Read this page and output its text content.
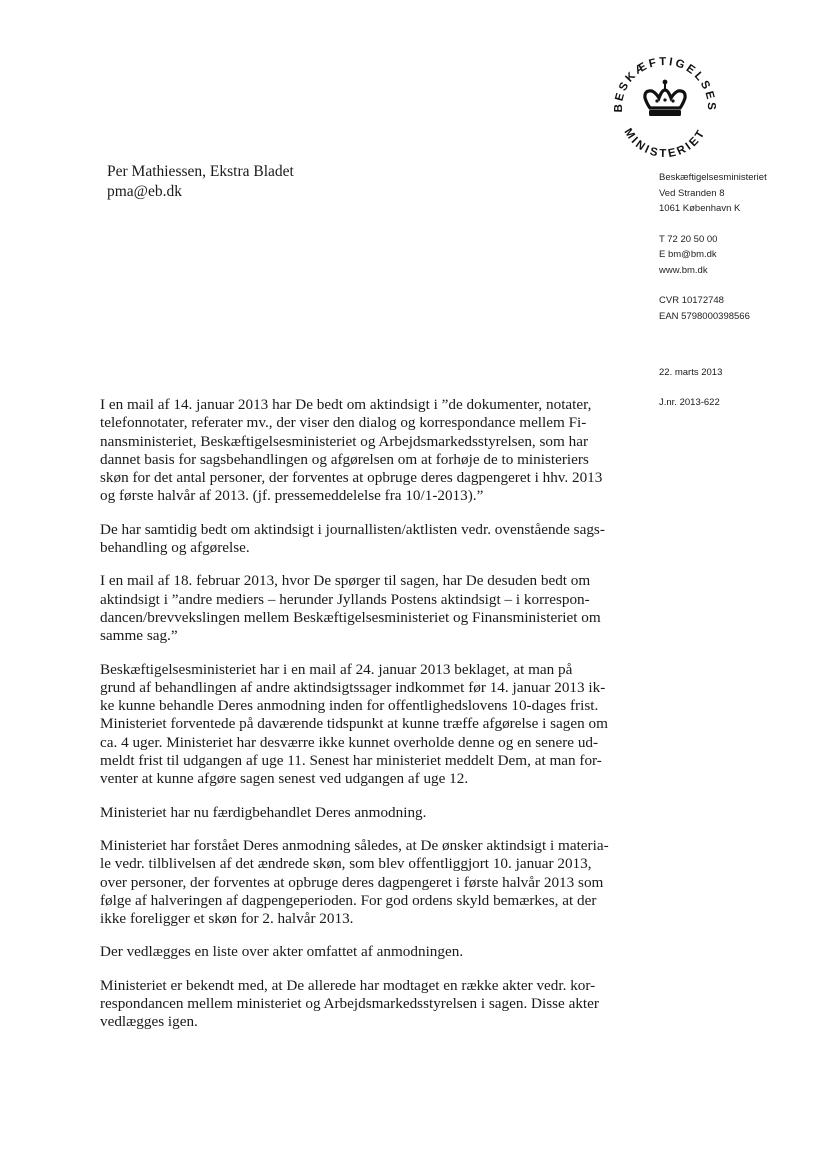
BESKÆFTIGELSES
MINISTERIET
Per Mathiessen, Ekstra Bladet
pma@eb.dk
Beskæftigelsesministeriet
Ved Stranden 8
1061 København K
T 72 20 50 00
E bm@bm.dk
www.bm.dk
CVR 10172748
EAN 5798000398566
22. marts 2013
J.nr. 2013-622

I en mail af 14. januar 2013 har De bedt om aktindsigt i ”de dokumenter, notater,
telefonnotater, referater mv., der viser den dialog og korrespondance mellem Fi-
nansministeriet, Beskæftigelsesministeriet og Arbejdsmarkedsstyrelsen, som har
dannet basis for sagsbehandlingen og afgørelsen om at forhøje de to ministeriers
skøn for det antal personer, der forventes at opbruge deres dagpengeret i hhv. 2013
og første halvår af 2013. (jf. pressemeddelelse fra 10/1-2013).”

De har samtidig bedt om aktindsigt i journallisten/aktlisten vedr. ovenstående sags-
behandling og afgørelse.

I en mail af 18. februar 2013, hvor De spørger til sagen, har De desuden bedt om
aktindsigt i ”andre mediers – herunder Jyllands Postens aktindsigt – i korrespon-
dancen/brevvekslingen mellem Beskæftigelsesministeriet og Finansministeriet om
samme sag.”

Beskæftigelsesministeriet har i en mail af 24. januar 2013 beklaget, at man på
grund af behandlingen af andre aktindsigtssager indkommet før 14. januar 2013 ik-
ke kunne behandle Deres anmodning inden for offentlighedslovens 10-dages frist.
Ministeriet forventede på daværende tidspunkt at kunne træffe afgørelse i sagen om
ca. 4 uger. Ministeriet har desværre ikke kunnet overholde denne og en senere ud-
meldt frist til udgangen af uge 11. Senest har ministeriet meddelt Dem, at man for-
venter at kunne afgøre sagen senest ved udgangen af uge 12.

Ministeriet har nu færdigbehandlet Deres anmodning.

Ministeriet har forstået Deres anmodning således, at De ønsker aktindsigt i materia-
le vedr. tilblivelsen af det ændrede skøn, som blev offentliggjort 10. januar 2013,
over personer, der forventes at opbruge deres dagpengeret i første halvår 2013 som
følge af halveringen af dagpengeperioden. For god ordens skyld bemærkes, at der
ikke foreligger et skøn for 2. halvår 2013.

Der vedlægges en liste over akter omfattet af anmodningen.

Ministeriet er bekendt med, at De allerede har modtaget en række akter vedr. kor-
respondancen mellem ministeriet og Arbejdsmarkedsstyrelsen i sagen. Disse akter
vedlægges igen.
